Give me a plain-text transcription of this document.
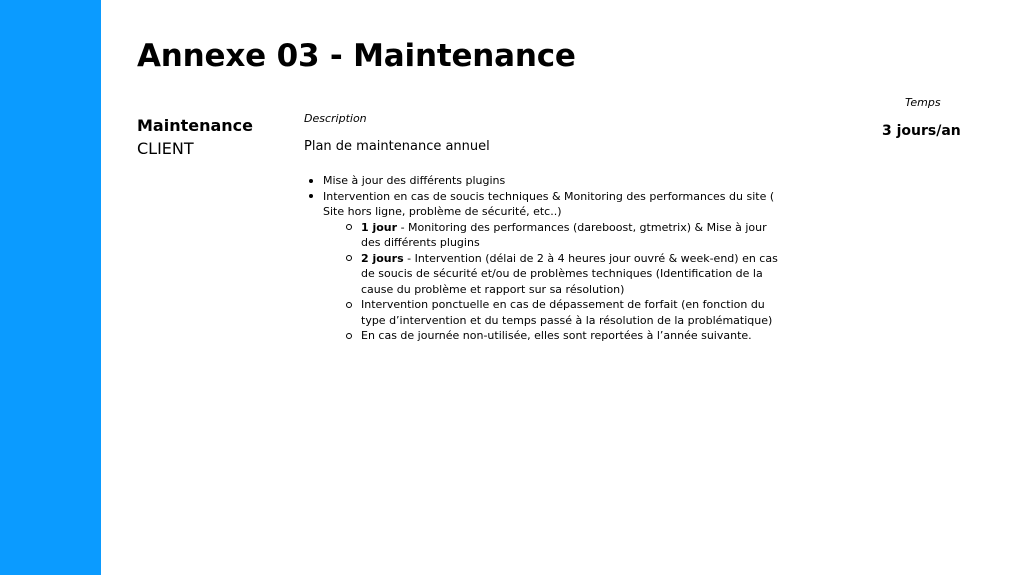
Annexe 03 - Maintenance
Maintenance
CLIENT
Description
Plan de maintenance annuel
Mise à jour des différents plugins
Intervention en cas de soucis techniques & Monitoring des performances du site ( Site hors ligne, problème de sécurité, etc..)
1 jour - Monitoring des performances (dareboost, gtmetrix) & Mise à jour des différents plugins
2 jours - Intervention (délai de 2 à 4 heures jour ouvré & week-end) en cas de soucis de sécurité et/ou de problèmes techniques (Identification de la cause du problème et rapport sur sa résolution)
Intervention ponctuelle en cas de dépassement de forfait (en fonction du type d’intervention et du temps passé à la résolution de la problématique)
En cas de journée non-utilisée, elles sont reportées à l’année suivante.
Temps
3 jours/an
